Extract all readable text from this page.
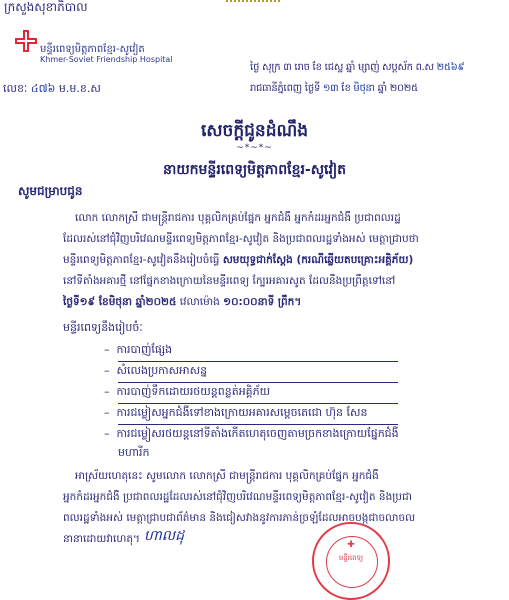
ក្រសួងសុខាភិបាល
មន្ទីរពេទ្យមិត្តភាពខ្មែរ-សូវៀត
Khmer-Soviet Friendship Hospital
លេខៈ ៤៧៦ ម.ម.ខ.ស
ថ្ងៃ សុក្រ ៣ រោច ខែ ជេស្ឋ ឆ្នាំ ម្សាញ់ សប្តស័ក ព.ស ២៥៦៩
រាជធានីភ្នំពេញ ថ្ងៃទី ១៣ ខែ មិថុនា ឆ្នាំ ២០២៥
សេចក្តីជូនដំណឹង
~*~*~
នាយកមន្ទីរពេទ្យមិត្តភាពខ្មែរ-សូវៀត
សូមជម្រាបជូន
លោក លោកស្រី ជាមន្ត្រីរាជការ បុគ្គលិកគ្រប់ផ្នែក អ្នកជំងឺ អ្នកកំដរអ្នកជំងឺ ប្រជាពលរដ្ឋ
ដែលរស់នៅជុំវិញបរិវេណមន្ទីរពេទ្យមិត្តភាពខ្មែរ-សូវៀត និងប្រជាពលរដ្ឋទាំងអស់ មេត្តាជ្រាបថា
មន្ទីរពេទ្យមិត្តភាពខ្មែរ-សូវៀតនឹងរៀបចំធ្វើ សមយុទ្ធជាក់ស្តែង (ករណីឆ្លើយតបគ្រោះអគ្គិភ័យ)
នៅទីតាំងអគារថ្មី នៅផ្នែកខាងក្រោយនៃមន្ទីរពេទ្យ ក្បែរអគារសូត ដែលនឹងប្រព្រឹត្តទៅនៅ
ថ្ងៃទី១៩ ខែមិថុនា ឆ្នាំ២០២៥ វេលាម៉ោង ១០:០០នាទី ព្រឹក។
មន្ទីរពេទ្យនឹងរៀបចំៈ
–  ការបាញ់ផ្សែង
–  សំលេងប្រកាសអាសន្ន
–  ការបាញ់ទឹកដោយរថយន្តពន្លត់អគ្គិភ័យ
–  ការជម្លៀសអ្នកជំងឺទៅខាងក្រោយអគារសម្តេចតេជោ ហ៊ុន សែន
–  ការជម្លៀសរថយន្តនៅទីតាំងកើតហេតុចេញតាមច្រកខាងក្រោយផ្នែកជំងឺ
មហារីក
អាស្រ័យហេតុនេះ សូមលោក លោកស្រី ជាមន្ត្រីរាជការ បុគ្គលិកគ្រប់ផ្នែក អ្នកជំងឺ
អ្នកកំដរអ្នកជំងឺ ប្រជាពលរដ្ឋដែលរស់នៅជុំវិញបរិវេណមន្ទីរពេទ្យមិត្តភាពខ្មែរ-សូវៀត និងប្រជា
ពលរដ្ឋទាំងអស់ មេត្តាជ្រាបជាព័ត៌មាន និងជៀសវាងនូវការភាន់ច្រឡំដែលអាចបង្កជាចលាចល
នានាដោយវាហេតុ។ ហាលដុ
✚
មន្ទីរពេទ្យ
